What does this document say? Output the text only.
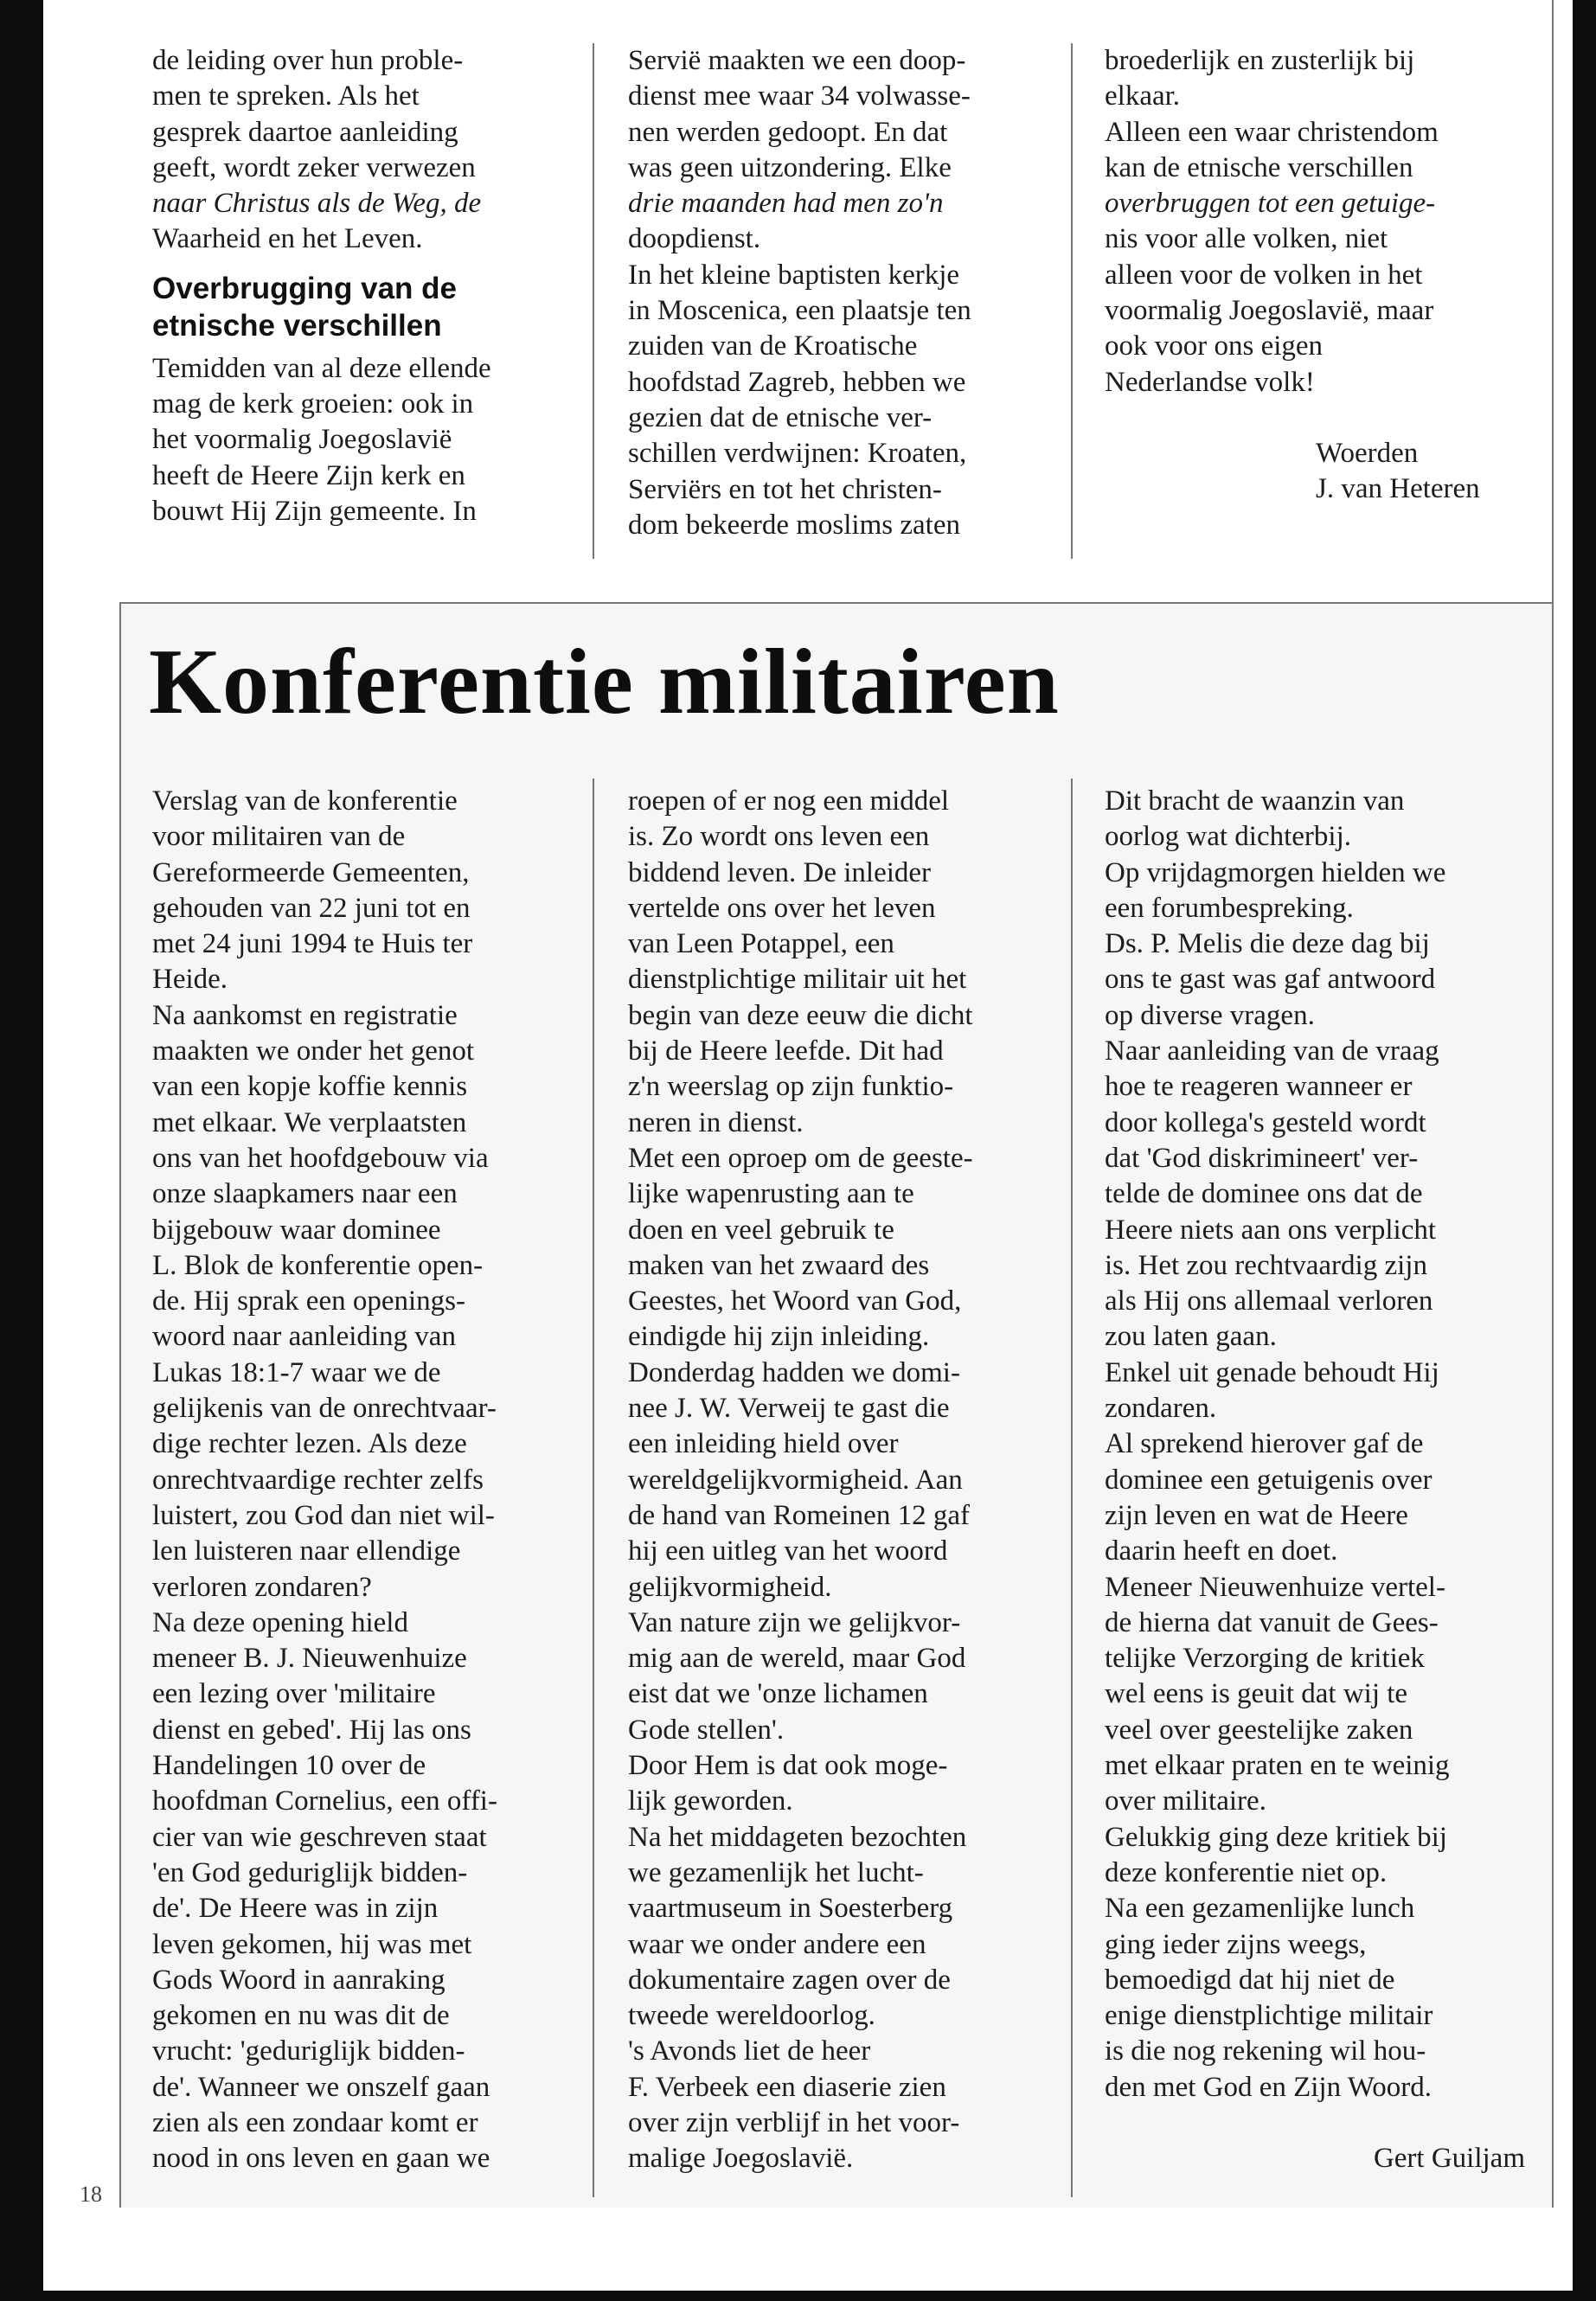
de leiding over hun proble-
men te spreken. Als het
gesprek daartoe aanleiding
geeft, wordt zeker verwezen
naar Christus als de Weg, de
Waarheid en het Leven.
Overbrugging van de
etnische verschillen
Temidden van al deze ellende
mag de kerk groeien: ook in
het voormalig Joegoslavië
heeft de Heere Zijn kerk en
bouwt Hij Zijn gemeente. In
Servië maakten we een doop-
dienst mee waar 34 volwasse-
nen werden gedoopt. En dat
was geen uitzondering. Elke
drie maanden had men zo'n
doopdienst.
In het kleine baptisten kerkje
in Moscenica, een plaatsje ten
zuiden van de Kroatische
hoofdstad Zagreb, hebben we
gezien dat de etnische ver-
schillen verdwijnen: Kroaten,
Serviërs en tot het christen-
dom bekeerde moslims zaten
broederlijk en zusterlijk bij
elkaar.
Alleen een waar christendom
kan de etnische verschillen
overbruggen tot een getuige-
nis voor alle volken, niet
alleen voor de volken in het
voormalig Joegoslavië, maar
ook voor ons eigen
Nederlandse volk!
Woerden
J. van Heteren
Konferentie militairen
Verslag van de konferentie
voor militairen van de
Gereformeerde Gemeenten,
gehouden van 22 juni tot en
met 24 juni 1994 te Huis ter
Heide.
Na aankomst en registratie
maakten we onder het genot
van een kopje koffie kennis
met elkaar. We verplaatsten
ons van het hoofdgebouw via
onze slaapkamers naar een
bijgebouw waar dominee
L. Blok de konferentie open-
de. Hij sprak een openings-
woord naar aanleiding van
Lukas 18:1-7 waar we de
gelijkenis van de onrechtvaar-
dige rechter lezen. Als deze
onrechtvaardige rechter zelfs
luistert, zou God dan niet wil-
len luisteren naar ellendige
verloren zondaren?
Na deze opening hield
meneer B. J. Nieuwenhuize
een lezing over 'militaire
dienst en gebed'. Hij las ons
Handelingen 10 over de
hoofdman Cornelius, een offi-
cier van wie geschreven staat
'en God geduriglijk bidden-
de'. De Heere was in zijn
leven gekomen, hij was met
Gods Woord in aanraking
gekomen en nu was dit de
vrucht: 'geduriglijk bidden-
de'. Wanneer we onszelf gaan
zien als een zondaar komt er
nood in ons leven en gaan we
roepen of er nog een middel
is. Zo wordt ons leven een
biddend leven. De inleider
vertelde ons over het leven
van Leen Potappel, een
dienstplichtige militair uit het
begin van deze eeuw die dicht
bij de Heere leefde. Dit had
z'n weerslag op zijn funktio-
neren in dienst.
Met een oproep om de geeste-
lijke wapenrusting aan te
doen en veel gebruik te
maken van het zwaard des
Geestes, het Woord van God,
eindigde hij zijn inleiding.
Donderdag hadden we domi-
nee J. W. Verweij te gast die
een inleiding hield over
wereldgelijkvormigheid. Aan
de hand van Romeinen 12 gaf
hij een uitleg van het woord
gelijkvormigheid.
Van nature zijn we gelijkvor-
mig aan de wereld, maar God
eist dat we 'onze lichamen
Gode stellen'.
Door Hem is dat ook moge-
lijk geworden.
Na het middageten bezochten
we gezamenlijk het lucht-
vaartmuseum in Soesterberg
waar we onder andere een
dokumentaire zagen over de
tweede wereldoorlog.
's Avonds liet de heer
F. Verbeek een diaserie zien
over zijn verblijf in het voor-
malige Joegoslavië.
Dit bracht de waanzin van
oorlog wat dichterbij.
Op vrijdagmorgen hielden we
een forumbespreking.
Ds. P. Melis die deze dag bij
ons te gast was gaf antwoord
op diverse vragen.
Naar aanleiding van de vraag
hoe te reageren wanneer er
door kollega's gesteld wordt
dat 'God diskrimineert' ver-
telde de dominee ons dat de
Heere niets aan ons verplicht
is. Het zou rechtvaardig zijn
als Hij ons allemaal verloren
zou laten gaan.
Enkel uit genade behoudt Hij
zondaren.
Al sprekend hierover gaf de
dominee een getuigenis over
zijn leven en wat de Heere
daarin heeft en doet.
Meneer Nieuwenhuize vertel-
de hierna dat vanuit de Gees-
telijke Verzorging de kritiek
wel eens is geuit dat wij te
veel over geestelijke zaken
met elkaar praten en te weinig
over militaire.
Gelukkig ging deze kritiek bij
deze konferentie niet op.
Na een gezamenlijke lunch
ging ieder zijns weegs,
bemoedigd dat hij niet de
enige dienstplichtige militair
is die nog rekening wil hou-
den met God en Zijn Woord.
Gert Guiljam
18
